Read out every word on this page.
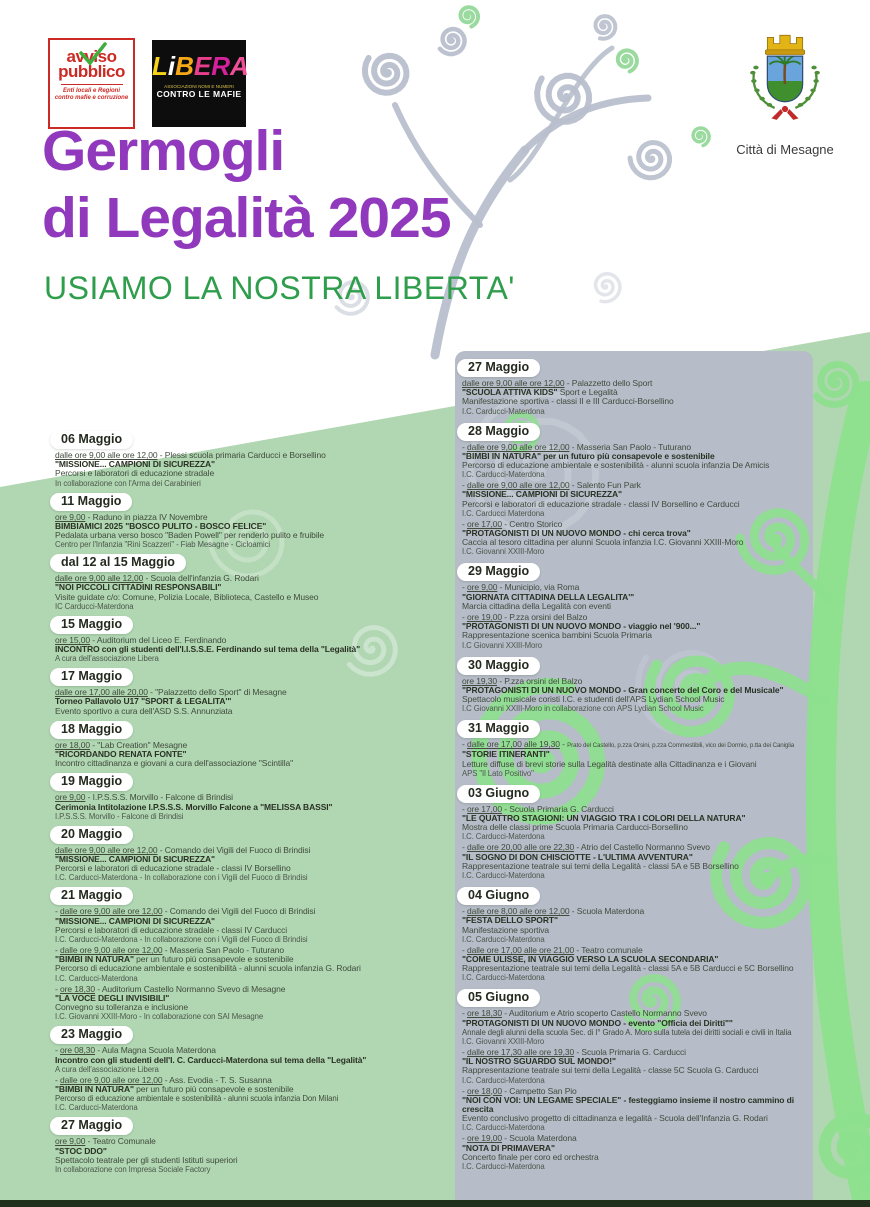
avviso
pubblico
Enti locali e Regioni
contro mafie e corruzione
LiBERA
ASSOCIAZIONI NOMI E NUMERI
CONTRO LE MAFIE
Città di Mesagne
Germogli
di Legalità 2025
USIAMO LA NOSTRA LIBERTA'
06 Maggio
dalle ore 9,00 alle ore 12,00 - Plessi scuola primaria Carducci e Borsellino
"MISSIONE... CAMPIONI DI SICUREZZA"
Percorsi e laboratori di educazione stradale
In collaborazione con l'Arma dei Carabinieri
11 Maggio
ore 9,00 - Raduno in piazza IV Novembre
BIMBIAMICI 2025 "BOSCO PULITO - BOSCO FELICE"
Pedalata urbana verso bosco "Baden Powell" per renderlo pulito e fruibile
Centro per l'Infanzia "Rini Scazzeri" - Fiab Mesagne - Cicloamici
dal 12 al 15 Maggio
dalle ore 9,00 alle 12,00 - Scuola dell'infanzia G. Rodari
"NOI PICCOLI CITTADINI RESPONSABILI"
Visite guidate c/o: Comune, Polizia Locale, Biblioteca, Castello e Museo
IC Carducci-Materdona
15 Maggio
ore 15,00 - Auditorium del Liceo E. Ferdinando
INCONTRO con gli studenti dell'I.I.S.S.E. Ferdinando sul tema della "Legalità"
A cura dell'associazione Libera
17 Maggio
dalle ore 17,00 alle 20,00 - "Palazzetto dello Sport" di Mesagne
Torneo Pallavolo U17 "SPORT & LEGALITA'"
Evento sportivo a cura dell'ASD S.S. Annunziata
18 Maggio
ore 18,00 - "Lab Creation" Mesagne
"RICORDANDO RENATA FONTE"
Incontro cittadinanza e giovani a cura dell'associazione "Scintilla"
19 Maggio
ore 9,00 - I.P.S.S.S. Morvillo - Falcone di Brindisi
Cerimonia Intitolazione I.P.S.S.S. Morvillo Falcone a "MELISSA BASSI"
I.P.S.S.S. Morvillo - Falcone di Brindisi
20 Maggio
dalle ore 9,00 alle ore 12,00 - Comando dei Vigili del Fuoco di Brindisi
"MISSIONE... CAMPIONI DI SICUREZZA"
Percorsi e laboratori di educazione stradale - classi IV Borsellino
I.C. Carducci-Materdona - In collaborazione con i Vigili del Fuoco di Brindisi
21 Maggio
- dalle ore 9,00 alle ore 12,00 - Comando dei Vigili del Fuoco di Brindisi
"MISSIONE... CAMPIONI DI SICUREZZA"
Percorsi e laboratori di educazione stradale - classi IV Carducci
I.C. Carducci-Materdona - In collaborazione con i Vigili del Fuoco di Brindisi
- dalle ore 9,00 alle ore 12,00 - Masseria San Paolo - Tuturano
"BIMBI IN NATURA" per un futuro più consapevole e sostenibile
Percorso di educazione ambientale e sostenibilità - alunni scuola infanzia G. Rodari
I.C. Carducci-Materdona
- ore 18,30 - Auditorium Castello Normanno Svevo di Mesagne
"LA VOCE DEGLI INVISIBILI"
Convegno su tolleranza e inclusione
I.C. Giovanni XXIII-Moro - In collaborazione con SAI Mesagne
23 Maggio
- ore 08,30 - Aula Magna Scuola Materdona
Incontro con gli studenti dell'I. C. Carducci-Materdona sul tema della "Legalità"
A cura dell'associazione Libera
- dalle ore 9,00 alle ore 12,00 - Ass. Evodia - T. S. Susanna
"BIMBI IN NATURA" per un futuro più consapevole e sostenibile
Percorso di educazione ambientale e sostenibilità - alunni scuola infanzia Don Milani
I.C. Carducci-Materdona
27 Maggio
ore 9,00 - Teatro Comunale
"STOC DDO"
Spettacolo teatrale per gli studenti Istituti superiori
In collaborazione con Impresa Sociale Factory
27 Maggio
dalle ore 9,00 alle ore 12,00 - Palazzetto dello Sport
"SCUOLA ATTIVA KIDS" Sport e Legalità
Manifestazione sportiva - classi II e III Carducci-Borsellino
I.C. Carducci-Materdona
28 Maggio
- dalle ore 9,00 alle ore 12,00 - Masseria San Paolo - Tuturano
"BIMBI IN NATURA" per un futuro più consapevole e sostenibile
Percorso di educazione ambientale e sostenibilità - alunni scuola infanzia De Amicis
I.C. Carducci-Materdona
- dalle ore 9,00 alle ore 12,00 - Salento Fun Park
"MISSIONE... CAMPIONI DI SICUREZZA"
Percorsi e laboratori di educazione stradale - classi IV Borsellino e Carducci
I.C. Carducci Materdona
- ore 17,00 - Centro Storico
"PROTAGONISTI DI UN NUOVO MONDO - chi cerca trova"
Caccia al tesoro cittadina per alunni Scuola infanzia I.C. Giovanni XXIII-Moro
I.C. Giovanni XXIII-Moro
29 Maggio
- ore 9,00 - Municipio, via Roma
"GIORNATA CITTADINA DELLA LEGALITA'"
Marcia cittadina della Legalità con eventi
- ore 19,00 - P.zza orsini del Balzo
"PROTAGONISTI DI UN NUOVO MONDO - viaggio nel '900..."
Rappresentazione scenica bambini Scuola Primaria
I.C Giovanni XXIII-Moro
30 Maggio
ore 19,30 - P.zza orsini del Balzo
"PROTAGONISTI DI UN NUOVO MONDO - Gran concerto del Coro e del Musicale"
Spettacolo musicale coristi I.C. e studenti dell'APS Lydian School Music
I.C Giovanni XXIII-Moro in collaborazione con APS Lydian School Music
31 Maggio
- dalle ore 17,00 alle 19,30 - Prato del Castello, p.zza Orsini, p.zza Commestibili, vico dei Dormio, p.tta dei Caniglia
"STORIE ITINERANTI"
Letture diffuse di brevi storie sulla Legalità destinate alla Cittadinanza e i Giovani
APS "Il Lato Positivo"
03 Giugno
- ore 17,00 - Scuola Primaria G. Carducci
"LE QUATTRO STAGIONI: UN VIAGGIO TRA I COLORI DELLA NATURA"
Mostra delle classi prime Scuola Primaria Carducci-Borsellino
I.C. Carducci-Materdona
- dalle ore 20,00 alle ore 22,30 - Atrio del Castello Normanno Svevo
"IL SOGNO DI DON CHISCIOTTE - L'ULTIMA AVVENTURA"
Rappresentazione teatrale sui temi della Legalità - classi 5A e 5B Borsellino
I.C. Carducci-Materdona
04 Giugno
- dalle ore 8,00 alle ore 12,00 - Scuola Materdona
"FESTA DELLO SPORT"
Manifestazione sportiva
I.C. Carducci-Materdona
- dalle ore 17,00 alle ore 21,00 - Teatro comunale
"COME ULISSE, IN VIAGGIO VERSO LA SCUOLA SECONDARIA"
Rappresentazione teatrale sui temi della Legalità - classi 5A e 5B Carducci e 5C Borsellino
I.C. Carducci-Materdona
05 Giugno
- ore 18,30 - Auditorium e Atrio scoperto Castello Normanno Svevo
"PROTAGONISTI DI UN NUOVO MONDO - evento "Officia dei Diritti""
Annale degli alunni della scuola Sec. di I° Grado A. Moro sulla tutela dei diritti sociali e civili in Italia
I.C. Giovanni XXIII-Moro
- dalle ore 17,30 alle ore 19,30 - Scuola Primaria G. Carducci
"IL NOSTRO SGUARDO SUL MONDO!"
Rappresentazione teatrale sui temi della Legalità - classe 5C Scuola G. Carducci
I.C. Carducci-Materdona
- ore 18,00 - Campetto San Pio
"NOI CON VOI: UN LEGAME SPECIALE" - festeggiamo insieme il nostro cammino di crescita
Evento conclusivo progetto di cittadinanza e legalità - Scuola dell'Infanzia G. Rodari
I.C. Carducci-Materdona
- ore 19,00 - Scuola Materdona
"NOTA DI PRIMAVERA"
Concerto finale per coro ed orchestra
I.C. Carducci-Materdona
